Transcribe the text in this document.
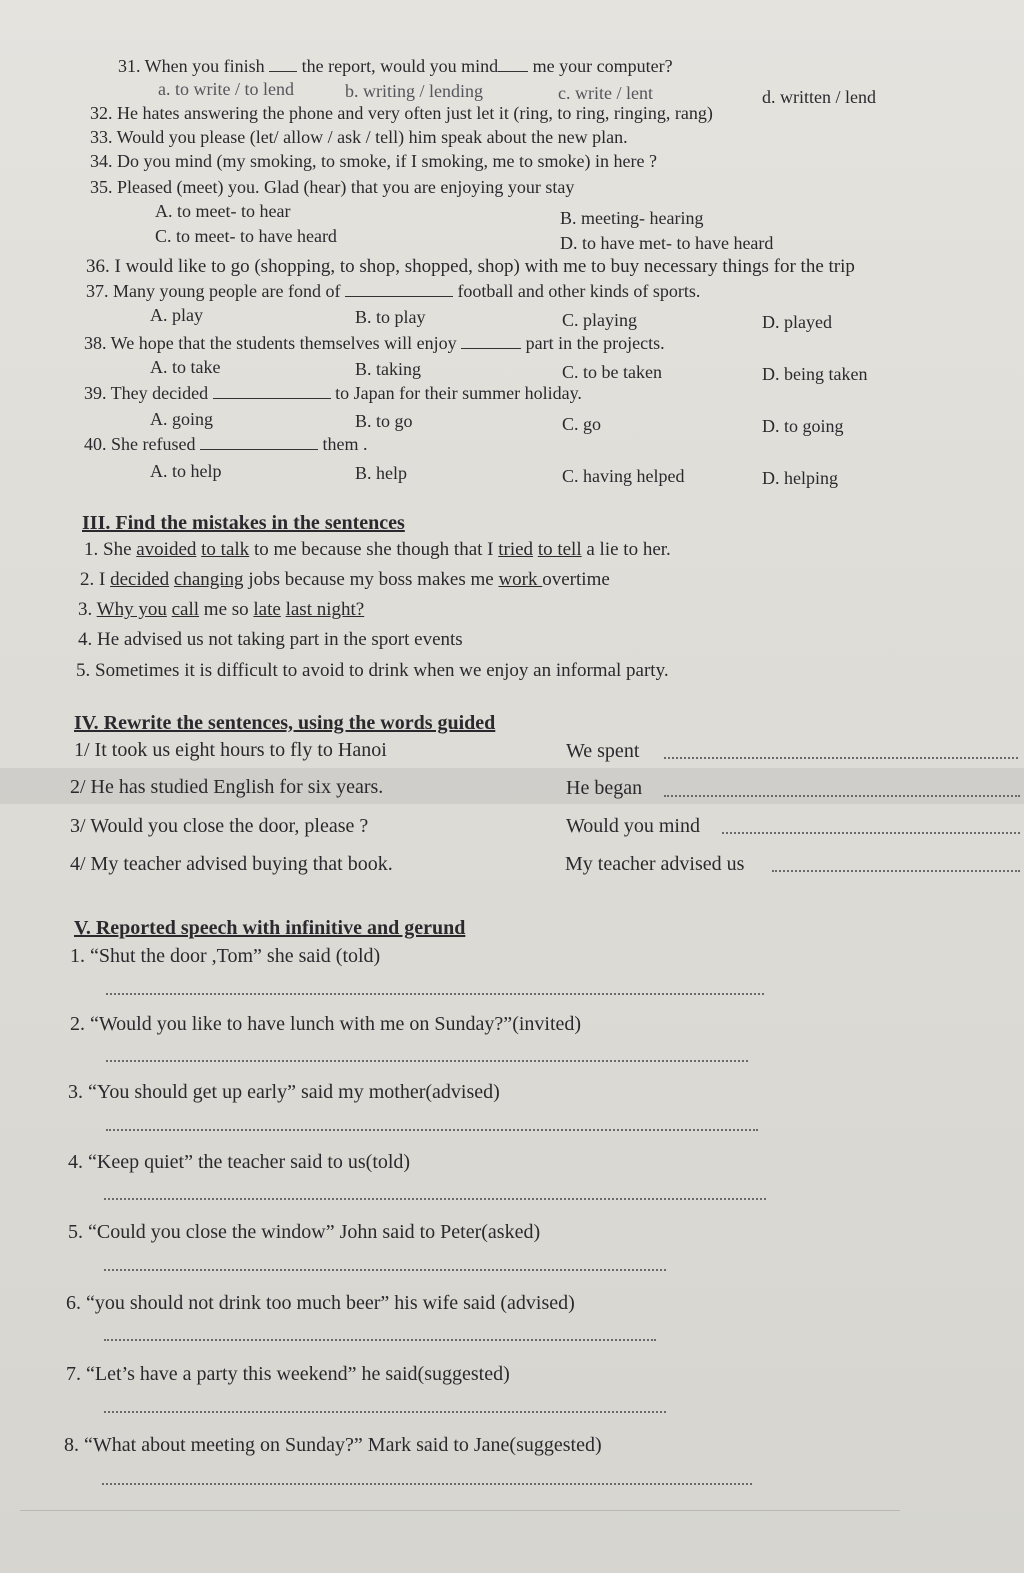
31. When you finish the report, would you mind me your computer?
a. to write / to lend	b. writing / lending	c. write / lent	d. written / lend
32. He hates answering the phone and very often just let it (ring, to ring, ringing, rang)
33. Would you please (let/ allow / ask / tell) him speak about the new plan.
34. Do you mind (my smoking, to smoke, if I smoking, me to smoke) in here ?
35. Pleased (meet) you. Glad (hear) that you are enjoying your stay
A. to meet- to hear	B. meeting- hearing
C. to meet- to have heard	D. to have met- to have heard
36. I would like to go (shopping, to shop, shopped, shop) with me to buy necessary things for the trip
37. Many young people are fond of	football and other kinds of sports.
A. play	B. to play	C. playing	D. played
38. We hope that the students themselves will enjoy	part in the projects.
A. to take	B. taking	C. to be taken	D. being taken
39. They decided	to Japan for their summer holiday.
A. going	B. to go	C. go	D. to going
40. She refused	them .
A. to help	B. help	C. having helped	D. helping
III. Find the mistakes in the sentences
1. She avoided to talk to me because she though that I tried to tell a lie to her.
2. I decided changing jobs because my boss makes me work overtime
3. Why you call me so late last night?
4. He advised us not taking part in the sport events
5. Sometimes it is difficult to avoid to drink when we enjoy an informal party.
IV. Rewrite the sentences, using the words guided
1/ It took us eight hours to fly to Hanoi	We spent
2/ He has studied English for six years.	He began
3/ Would you close the door, please ?	Would you mind
4/ My teacher advised buying that book.	My teacher advised us
V. Reported speech with infinitive and gerund
1. “Shut the door ,Tom” she said (told)
2. “Would you like to have lunch with me on Sunday?”(invited)
3. “You should get up early” said my mother(advised)
4. “Keep quiet” the teacher said to us(told)
5. “Could you close the window” John said to Peter(asked)
6. “you should not drink too much beer” his wife said (advised)
7. “Let’s have a party this weekend” he said(suggested)
8. “What about meeting on Sunday?” Mark said to Jane(suggested)
